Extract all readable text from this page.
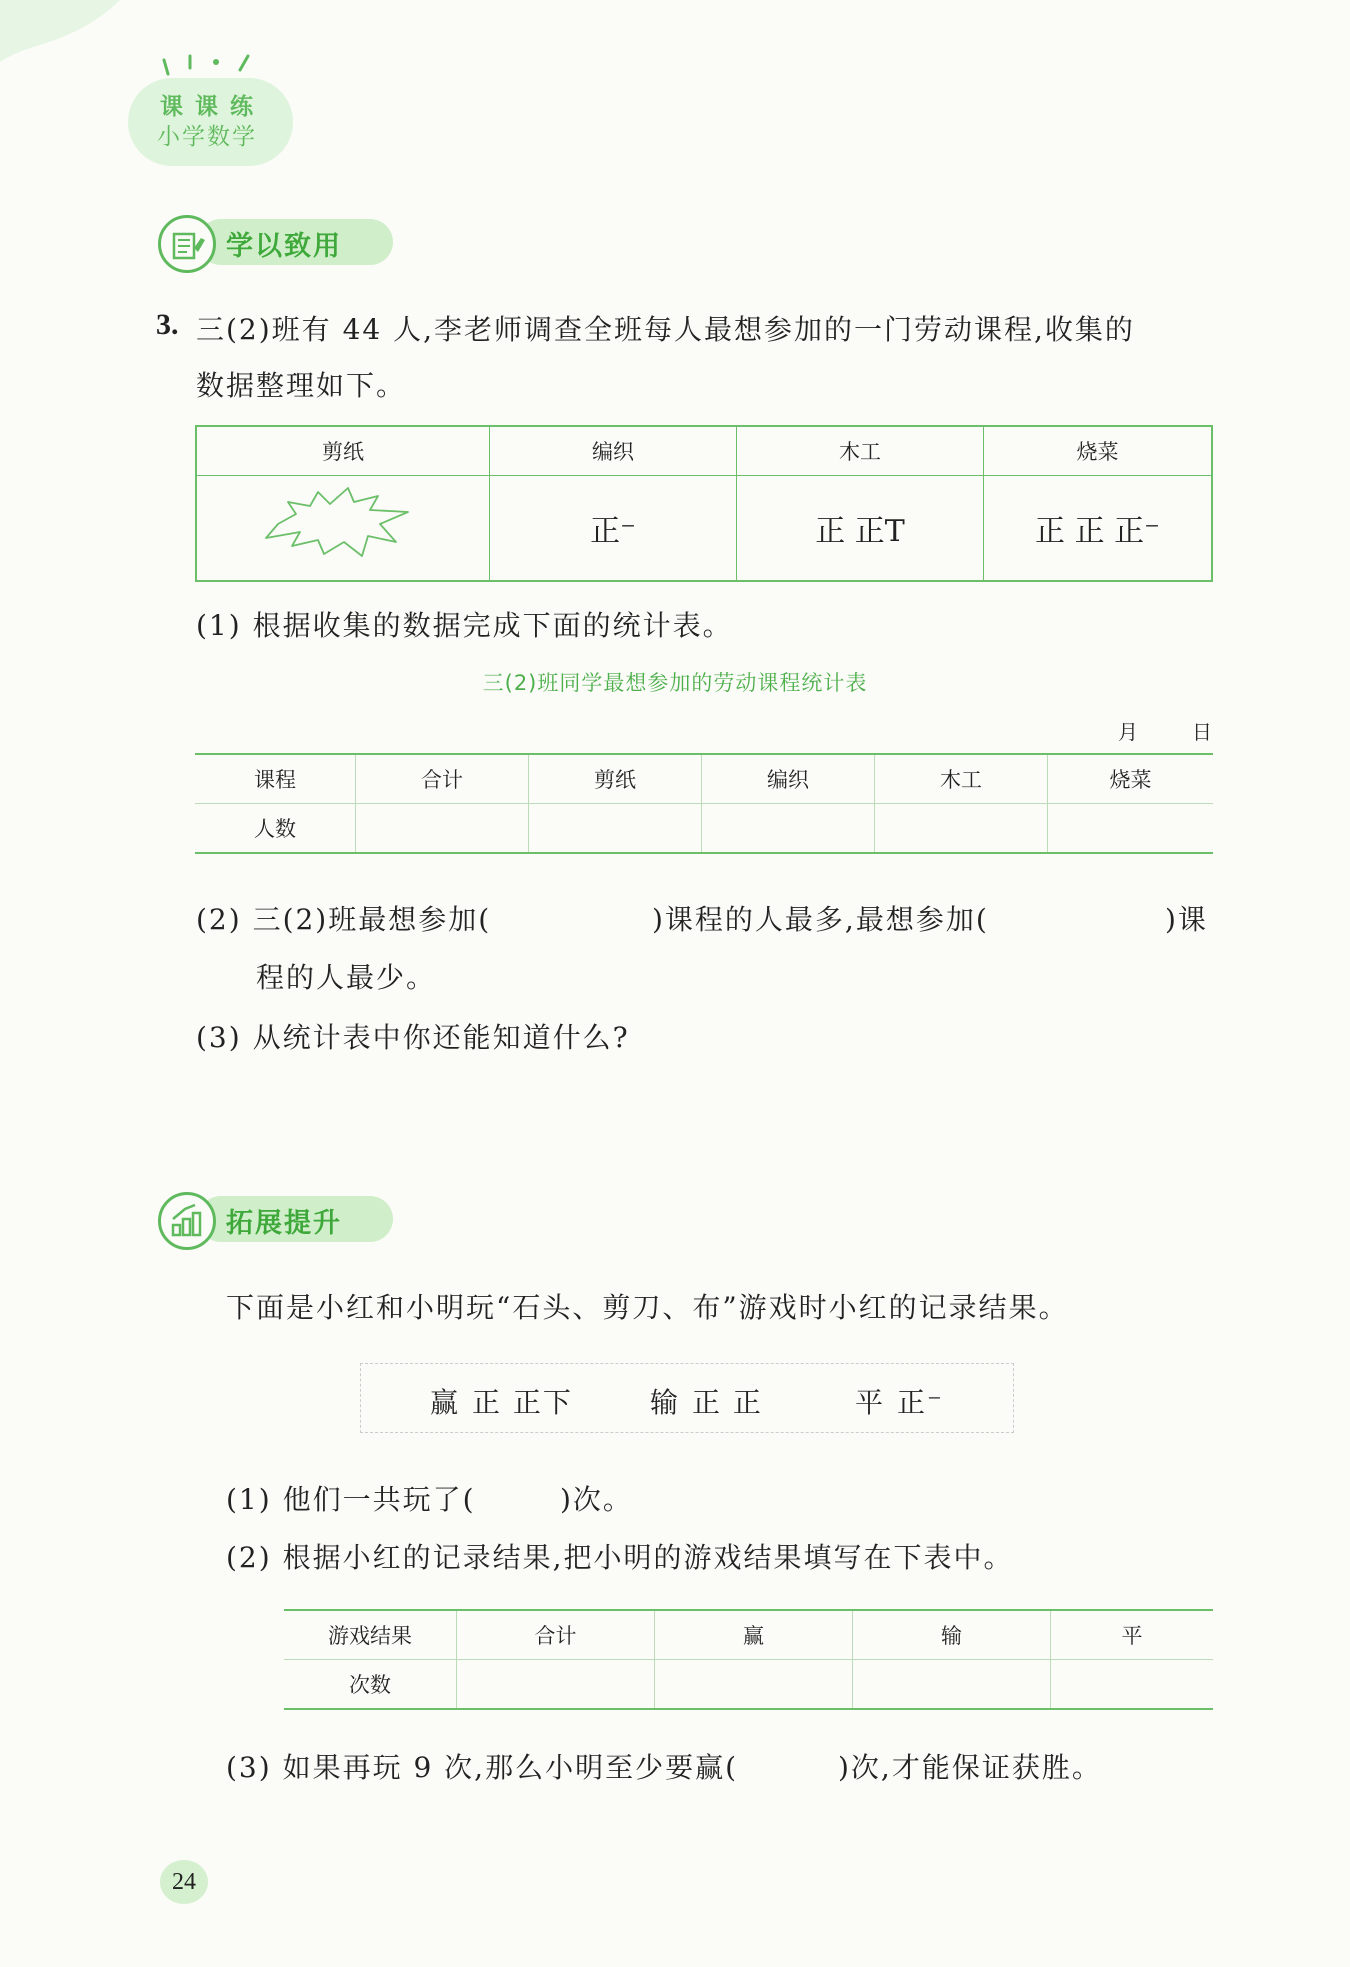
课课练
小学数学
学以致用
3. 三(2)班有 44 人,李老师调查全班每人最想参加的一门劳动课程,收集的
数据整理如下。
剪纸	编织	木工	烧菜
	正⁻	正 正T	正 正 正⁻
(1) 根据收集的数据完成下面的统计表。
三(2)班同学最想参加的劳动课程统计表
月	日
课程	合计	剪纸	编织	木工	烧菜
人数					
(2) 三(2)班最想参加(	)课程的人最多,最想参加(	)课
程的人最少。
(3) 从统计表中你还能知道什么?
拓展提升
下面是小红和小明玩“石头、剪刀、布”游戏时小红的记录结果。
赢 正 正下	输 正 正	平 正⁻
(1) 他们一共玩了(	)次。
(2) 根据小红的记录结果,把小明的游戏结果填写在下表中。
游戏结果	合计	赢	输	平
次数				
(3) 如果再玩 9 次,那么小明至少要赢(	)次,才能保证获胜。
24
